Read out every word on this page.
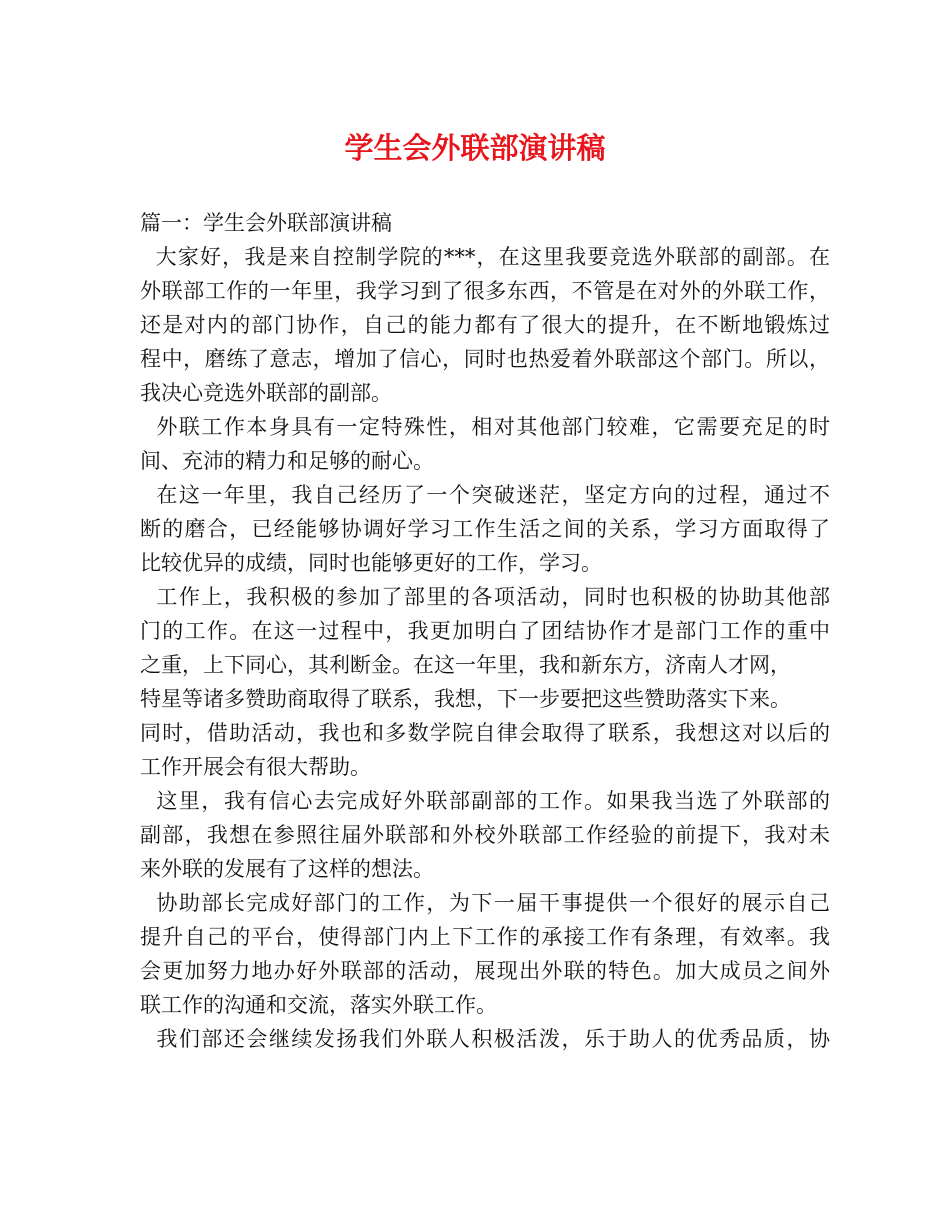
学生会外联部演讲稿
篇一：学生会外联部演讲稿
大家好，我是来自控制学院的***，在这里我要竞选外联部的副部。在
外联部工作的一年里，我学习到了很多东西，不管是在对外的外联工作，
还是对内的部门协作，自己的能力都有了很大的提升，在不断地锻炼过
程中，磨练了意志，增加了信心，同时也热爱着外联部这个部门。所以，
我决心竞选外联部的副部。
外联工作本身具有一定特殊性，相对其他部门较难，它需要充足的时
间、充沛的精力和足够的耐心。
在这一年里，我自己经历了一个突破迷茫，坚定方向的过程，通过不
断的磨合，已经能够协调好学习工作生活之间的关系，学习方面取得了
比较优异的成绩，同时也能够更好的工作，学习。
工作上，我积极的参加了部里的各项活动，同时也积极的协助其他部
门的工作。在这一过程中，我更加明白了团结协作才是部门工作的重中
之重，上下同心，其利断金。在这一年里，我和新东方，济南人才网，
特星等诸多赞助商取得了联系，我想，下一步要把这些赞助落实下来。
同时，借助活动，我也和多数学院自律会取得了联系，我想这对以后的
工作开展会有很大帮助。
这里，我有信心去完成好外联部副部的工作。如果我当选了外联部的
副部，我想在参照往届外联部和外校外联部工作经验的前提下，我对未
来外联的发展有了这样的想法。
协助部长完成好部门的工作，为下一届干事提供一个很好的展示自己
提升自己的平台，使得部门内上下工作的承接工作有条理，有效率。我
会更加努力地办好外联部的活动，展现出外联的特色。加大成员之间外
联工作的沟通和交流，落实外联工作。
我们部还会继续发扬我们外联人积极活泼，乐于助人的优秀品质，协
